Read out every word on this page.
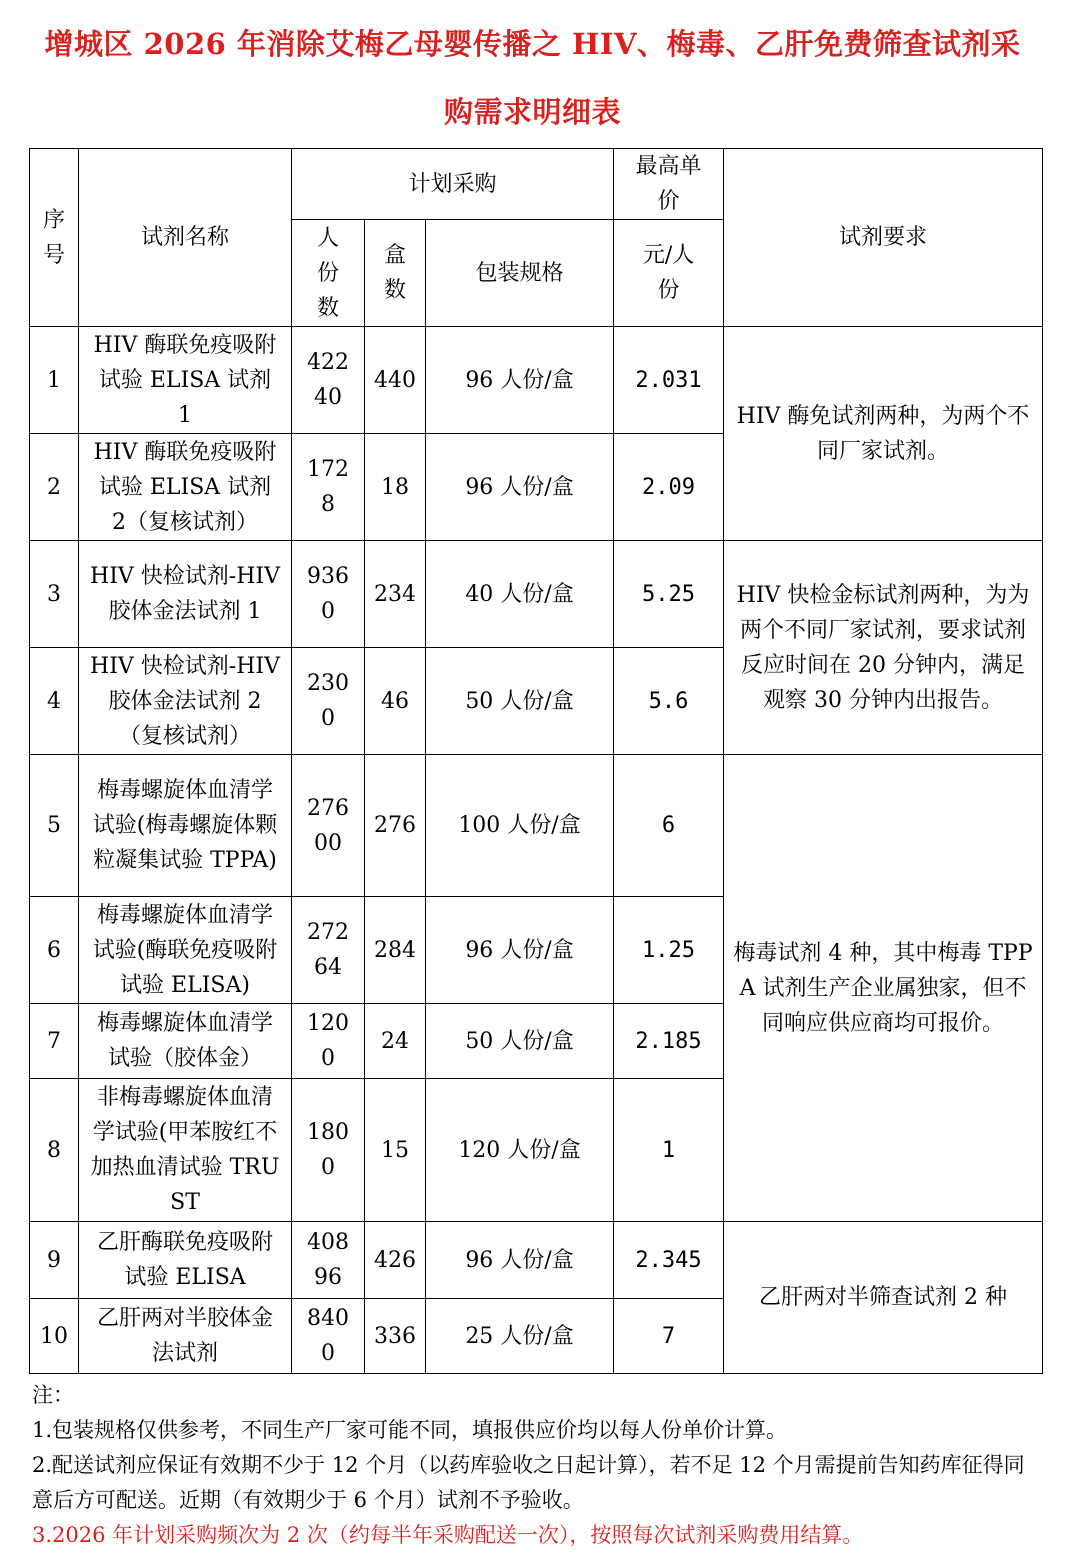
增城区 2026 年消除艾梅乙母婴传播之 HIV、梅毒、乙肝免费筛查试剂采
购需求明细表
序号	试剂名称	计划采购			最高单价	试剂要求
		人份数	盒数	包装规格	元/人份	
1	HIV 酶联免疫吸附试验 ELISA 试剂 1	42240	440	96 人份/盒	2.031	HIV 酶免试剂两种，为两个不同厂家试剂。
2	HIV 酶联免疫吸附试验 ELISA 试剂 2（复核试剂）	1728	18	96 人份/盒	2.09	
3	HIV 快检试剂-HIV 胶体金法试剂 1	9360	234	40 人份/盒	5.25	HIV 快检金标试剂两种，为为两个不同厂家试剂，要求试剂反应时间在 20 分钟内，满足观察 30 分钟内出报告。
4	HIV 快检试剂-HIV 胶体金法试剂 2（复核试剂）	2300	46	50 人份/盒	5.6	
5	梅毒螺旋体血清学试验(梅毒螺旋体颗粒凝集试验 TPPA)	27600	276	100 人份/盒	6	梅毒试剂 4 种，其中梅毒 TPPA 试剂生产企业属独家，但不同响应供应商均可报价。
6	梅毒螺旋体血清学试验(酶联免疫吸附试验 ELISA)	27264	284	96 人份/盒	1.25	
7	梅毒螺旋体血清学试验（胶体金）	1200	24	50 人份/盒	2.185	
8	非梅毒螺旋体血清学试验(甲苯胺红不加热血清试验 TRUST	1800	15	120 人份/盒	1	
9	乙肝酶联免疫吸附试验 ELISA	40896	426	96 人份/盒	2.345	乙肝两对半筛查试剂 2 种
10	乙肝两对半胶体金法试剂	8400	336	25 人份/盒	7	
注：
1.包装规格仅供参考，不同生产厂家可能不同，填报供应价均以每人份单价计算。
2.配送试剂应保证有效期不少于 12 个月（以药库验收之日起计算），若不足 12 个月需提前告知药库征得同意后方可配送。近期（有效期少于 6 个月）试剂不予验收。
3.2026 年计划采购频次为 2 次（约每半年采购配送一次），按照每次试剂采购费用结算。
